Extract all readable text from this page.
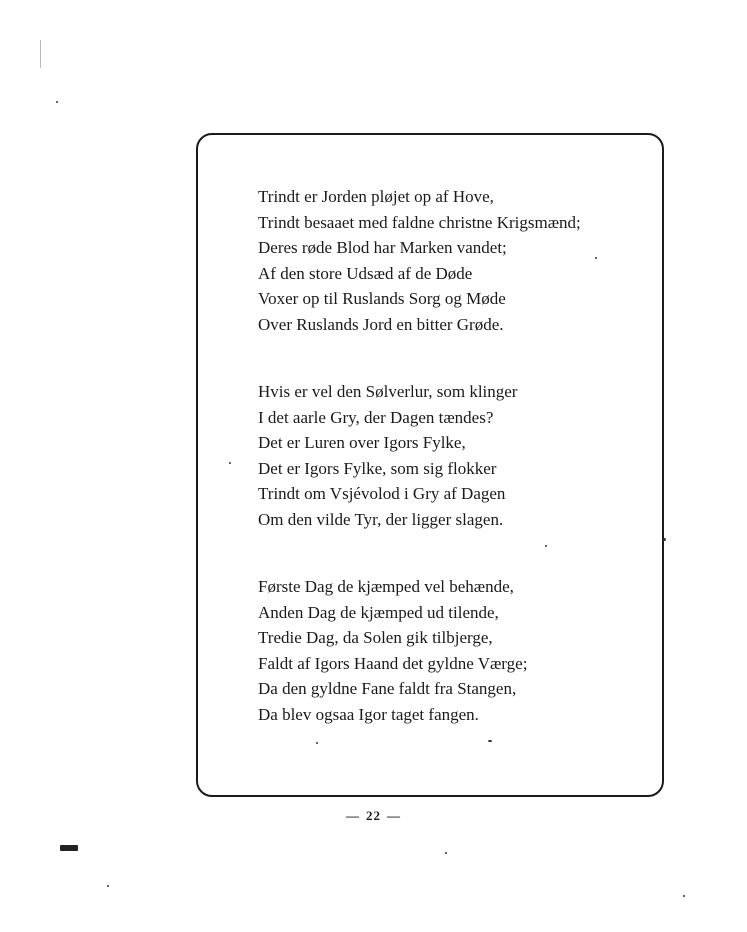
Trindt er Jorden pløjet op af Hove,
Trindt besaaet med faldne christne Krigsmænd;
Deres røde Blod har Marken vandet;
Af den store Udsæd af de Døde
Voxer op til Ruslands Sorg og Møde
Over Ruslands Jord en bitter Grøde.
Hvis er vel den Sølverlur, som klinger
I det aarle Gry, der Dagen tændes?
Det er Luren over Igors Fylke,
Det er Igors Fylke, som sig flokker
Trindt om Vsjévolod i Gry af Dagen
Om den vilde Tyr, der ligger slagen.
Første Dag de kjæmped vel behænde,
Anden Dag de kjæmped ud tilende,
Tredie Dag, da Solen gik tilbjerge,
Faldt af Igors Haand det gyldne Værge;
Da den gyldne Fane faldt fra Stangen,
Da blev ogsaa Igor taget fangen.
— 22 —
